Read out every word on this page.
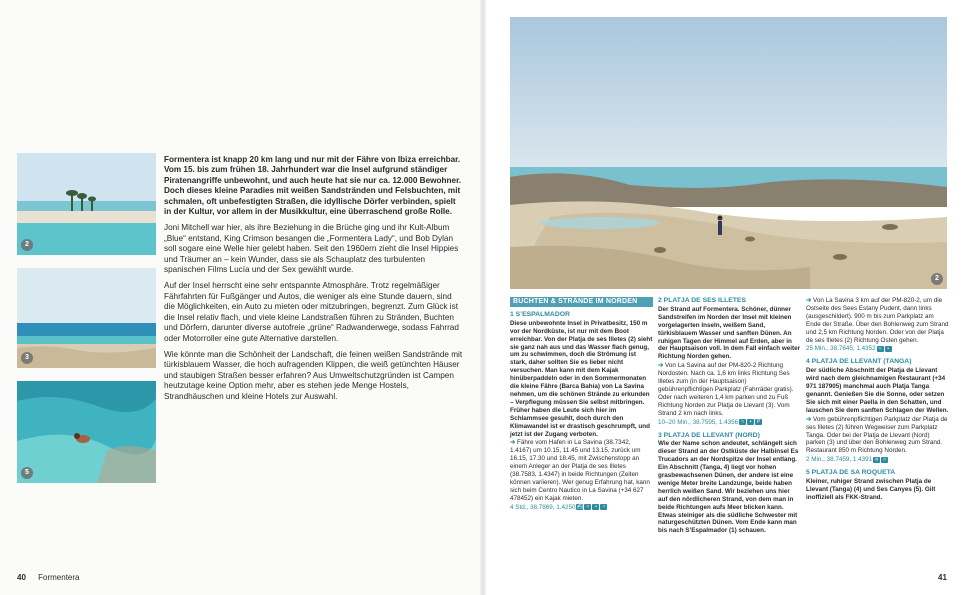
2
3
5

Formentera ist knapp 20 km lang und nur mit der Fähre von Ibiza erreichbar. Vom 15. bis zum frühen 18. Jahrhundert war die Insel aufgrund ständiger Piratenangriffe unbewohnt, und auch heute hat sie nur ca. 12.000 Bewohner. Doch dieses kleine Paradies mit weißen Sandstränden und Felsbuchten, mit schmalen, oft unbefestigten Straßen, die idyllische Dörfer verbinden, spielt in der Kultur, vor allem in der Musikkultur, eine überraschend große Rolle.

Joni Mitchell war hier, als ihre Beziehung in die Brüche ging und ihr Kult-Album „Blue“ entstand, King Crimson besangen die „Formentera Lady“, und Bob Dylan soll sogare eine Welle hier gelebt haben. Seit den 1960ern zieht die Insel Hippies und Träumer an – kein Wunder, dass sie als Schauplatz des turbulenten spanischen Films Lucía und der Sex gewählt wurde.

Auf der Insel herrscht eine sehr entspannte Atmosphäre. Trotz regelmäßiger Fährfahrten für Fußgänger und Autos, die weniger als eine Stunde dauern, sind die Möglichkeiten, ein Auto zu mieten oder mitzubringen, begrenzt. Zum Glück ist die Insel relativ flach, und viele kleine Landstraßen führen zu Stränden, Buchten und Dörfern, darunter diverse autofreie „grüne“ Radwanderwege, sodass Fahrrad oder Motorroller eine gute Alternative darstellen.

Wie könnte man die Schönheit der Landschaft, die feinen weißen Sandstrände mit türkisblauem Wasser, die hoch aufragenden Klippen, die weiß getünchten Häuser und staubigen Straßen besser erfahren? Aus Umweltschutzgründen ist Campen heutzutage keine Option mehr, aber es stehen jede Menge Hostels, Strandhäuschen und kleine Hotels zur Auswahl.

40 Formentera
2
BUCHTEN & STRÄNDE IM NORDEN
1 S’ESPALMADOR
Diese unbewohnte Insel in Privatbesitz, 150 m vor der Nordküste, ist nur mit dem Boot erreichbar. Von der Platja de ses Illetes (2) sieht sie ganz nah aus und das Wasser flach genug, um zu schwimmen, doch die Strömung ist stark, daher sollten Sie es lieber nicht versuchen. Man kann mit dem Kajak hinüberpaddeln oder in den Sommermonaten die kleine Fähre (Barca Bahía) von La Savina nehmen, um die schönen Strände zu erkunden – Verpflegung müssen Sie selbst mitbringen. Früher haben die Leute sich hier im Schlammsee gesuhlt, doch durch den Klimawandel ist er drastisch geschrumpft, und jetzt ist der Zugang verboten.
➔ Fähre vom Hafen in La Savina (38.7342, 1.4167) um 10.15, 11.45 und 13.15, zurück um 16.15, 17.30 und 18.45, mit Zwischenstopp an einem Anleger an der Platja de ses Illetes (38.7583, 1.4347) in beide Richtungen (Zeiten können variieren). Wer genug Erfahrung hat, kann sich beim Centro Nautico in La Savina (+34 627 478452) ein Kajak mieten.
4 Std., 38.7869, 1.4250⛴ ≈ • ~
2 PLATJA DE SES ILLETES
Der Strand auf Formentera. Schöner, dünner Sandstreifen im Norden der Insel mit kleinen vorgelagerten Inseln, weißem Sand, türkisblauem Wasser und sanften Dünen. An ruhigen Tagen der Himmel auf Erden, aber in der Hauptsaison voll. In dem Fall einfach weiter Richtung Norden gehen.
➔ Von La Savina auf der PM-820-2 Richtung Nordosten. Nach ca. 1,6 km links Richtung Ses Illetes zum (in der Hauptsaison) gebührenpflichtigen Parkplatz (Fahrräder gratis). Oder nach weiteren 1,4 km parken und zu Fuß Richtung Norden zur Platja de Llevant (3). Vom Strand 2 km nach links.
10–20 Min., 38.7595, 1.4356 ≈ • P
3 PLATJA DE LLEVANT (NORD)
Wie der Name schon andeutet, schlängelt sich dieser Strand an der Ostküste der Halbinsel Es Trucadors an der Nordspitze der Insel entlang. Ein Abschnitt (Tanga, 4) liegt vor hohen grasbewachsenen Dünen, der andere ist eine wenige Meter breite Landzunge, beide haben herrlich weißen Sand. Wir beziehen uns hier auf den nördlicheren Strand, von dem man in beide Richtungen aufs Meer blicken kann. Etwas steiniger als die südliche Schwester mit naturgeschützten Dünen. Vom Ende kann man bis nach S’Espalmador (1) schauen.
➔ Von La Savina 3 km auf der PM-820-2, um die Ostseite des Sees Estany Pudent, dann links (ausgeschildert). 900 m bis zum Parkplatz am Ende der Straße. Über den Bohlenweg zum Strand und 2,5 km Richtung Norden. Oder von der Platja de ses Illetes (2) Richtung Osten gehen.
25 Min., 38.7645, 1.4352 ≈ •
4 PLATJA DE LLEVANT (TANGA)
Der südliche Abschnitt der Platja de Llevant wird nach dem gleichnamigen Restaurant (+34 971 187905) manchmal auch Platja Tanga genannt. Genießen Sie die Sonne, oder setzen Sie sich mit einer Paella in den Schatten, und lauschen Sie dem sanften Schlagen der Wellen.
➔ Vom gebührenpflichtigen Parkplatz der Platja de ses Illetes (2) führen Wegweiser zum Parkplatz Tanga. Oder bei der Platja de Llevant (Nord) parken (3) und über den Bohlenweg zum Strand. Restaurant 850 m Richtung Norden.
2 Min., 38.7459, 1.4391 ✕ ≈
5 PLATJA DE SA ROQUETA
Kleiner, ruhiger Strand zwischen Platja de Llevant (Tanga) (4) und Ses Canyes (5). Gilt inoffiziell als FKK-Strand.
41
